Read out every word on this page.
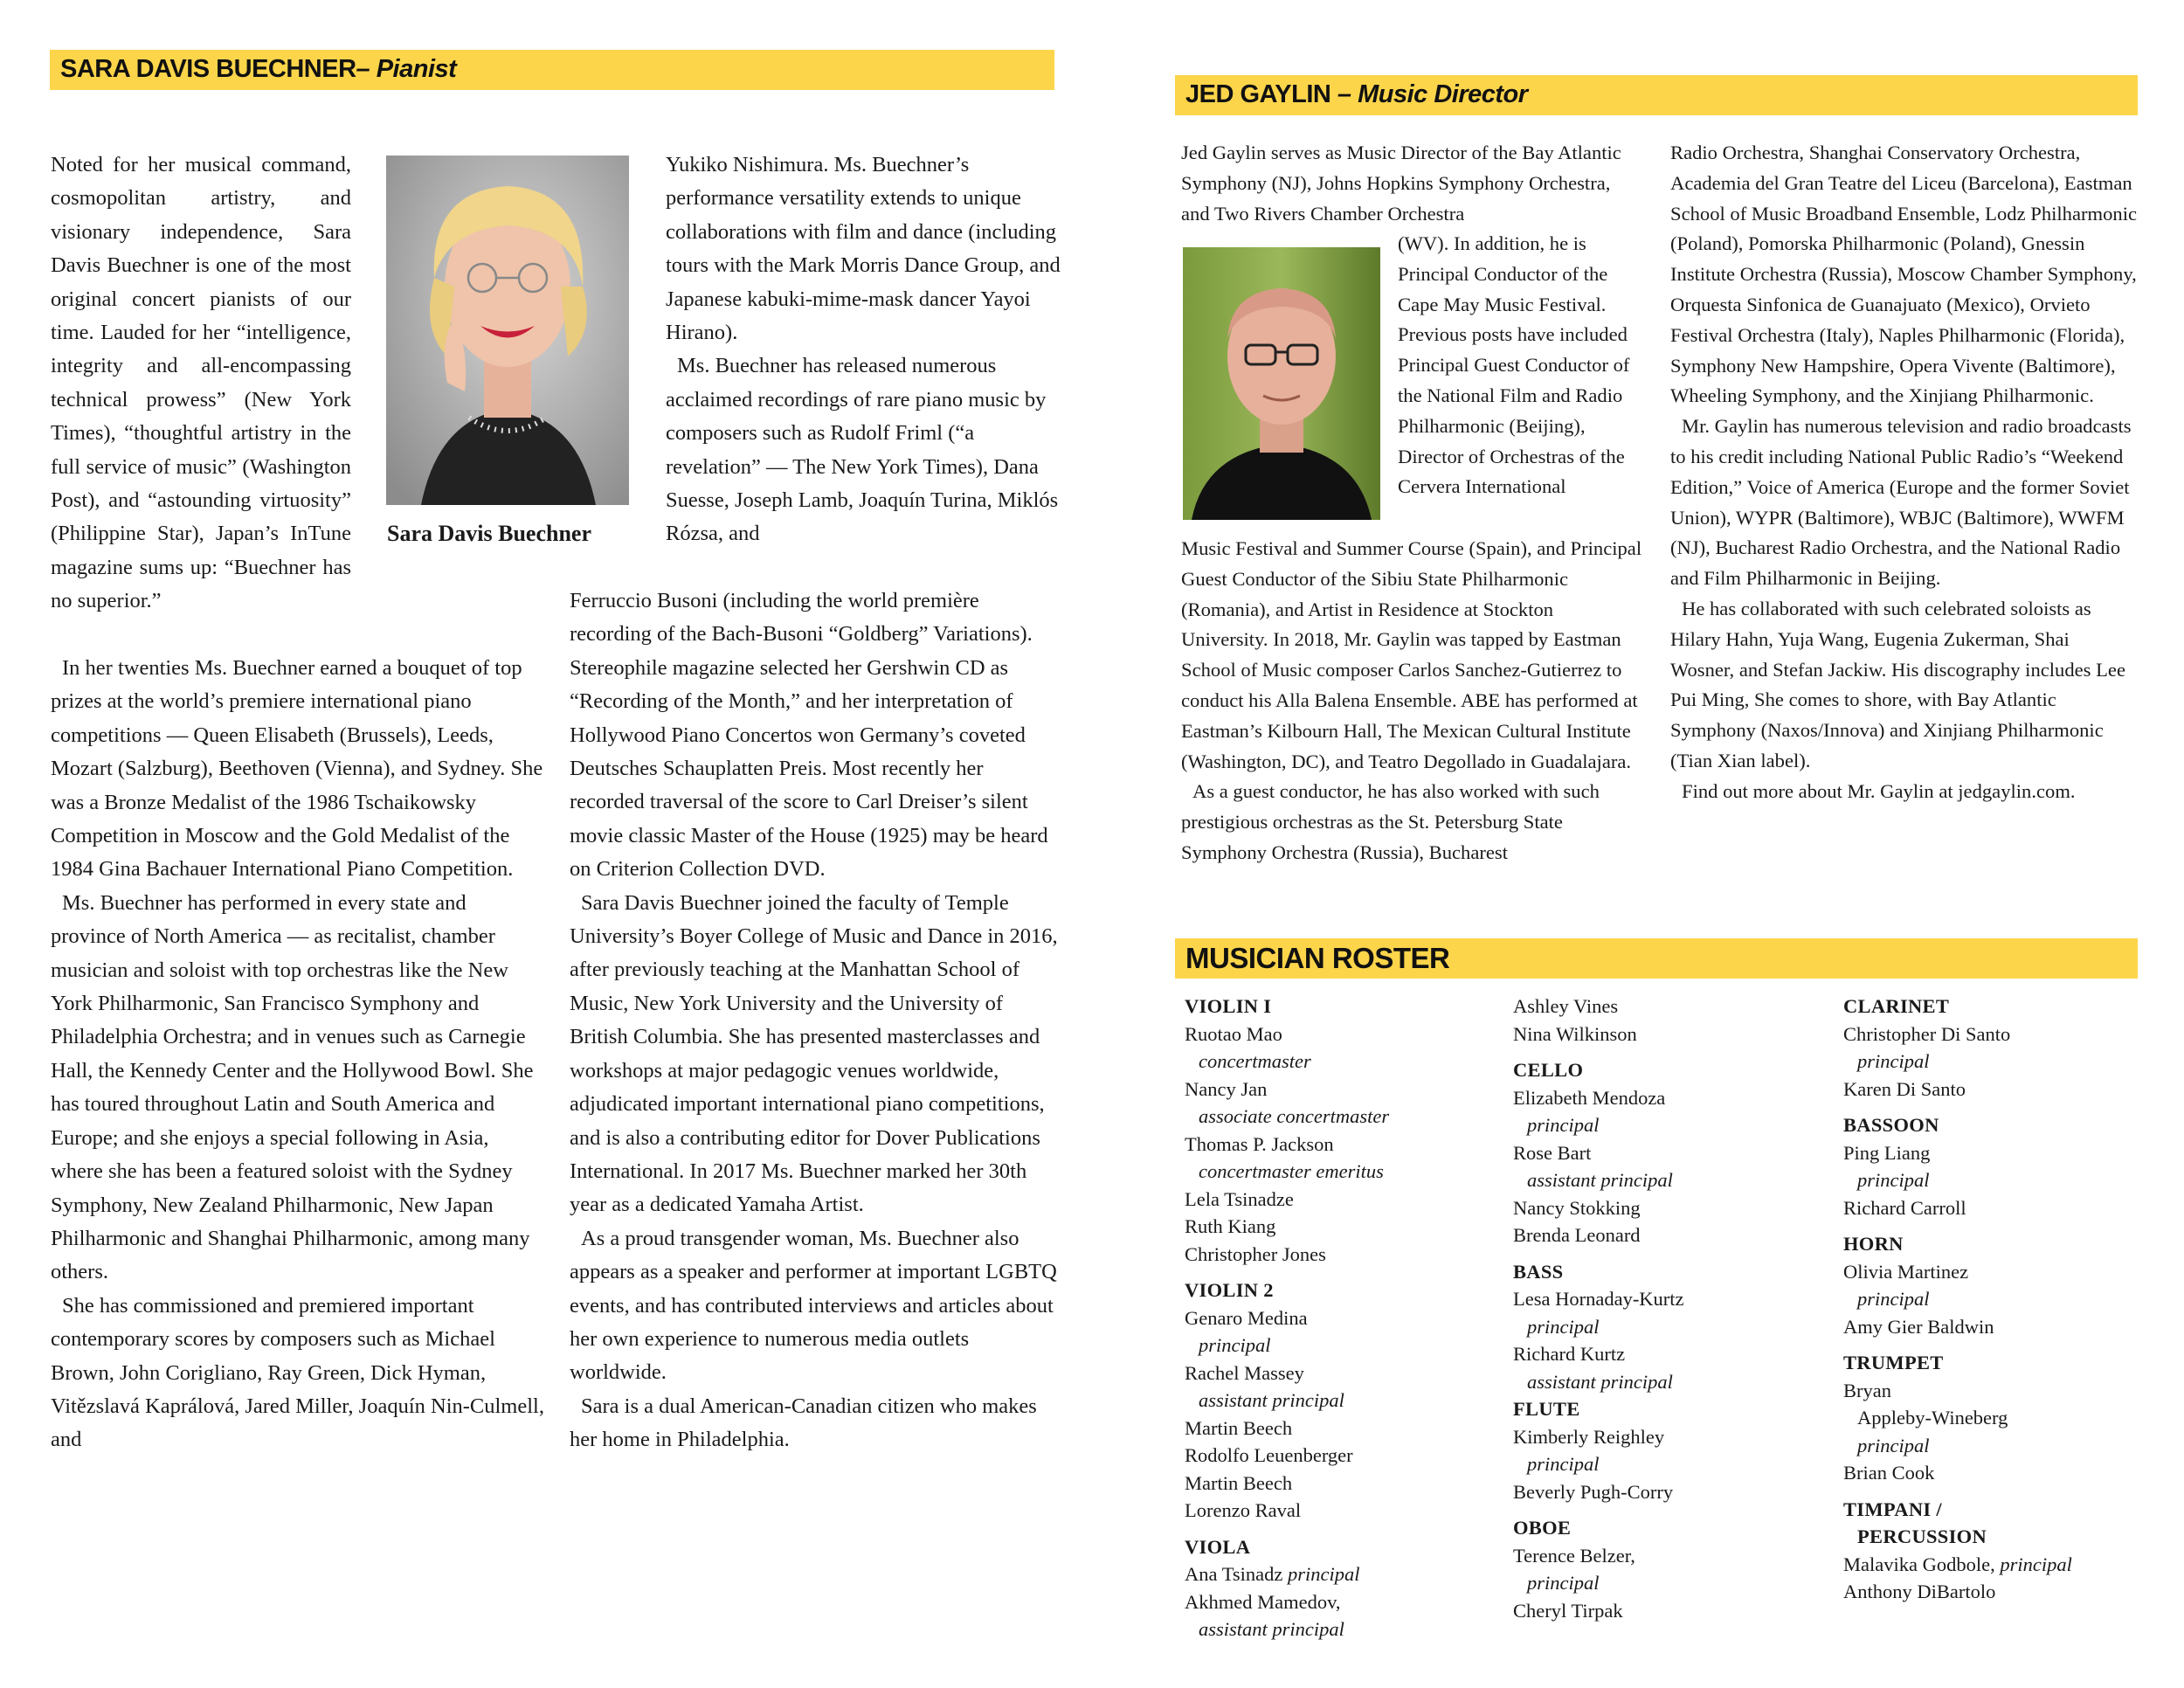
SARA DAVIS BUECHNER– Pianist
Sara Davis Buechner

Noted for her musical command, cosmopolitan artistry, and visionary independence, Sara Davis Buechner is one of the most original concert pianists of our time. Lauded for her “intelligence, integrity and all-encompassing technical prowess” (New York Times), “thoughtful artistry in the full service of music” (Washington Post), and “astounding virtuosity” (Philippine Star), Japan’s InTune magazine sums up: “Buechner has no superior.”

In her twenties Ms. Buechner earned a bouquet of top prizes at the world’s premiere international piano competitions — Queen Elisabeth (Brussels), Leeds, Mozart (Salzburg), Beethoven (Vienna), and Sydney. She was a Bronze Medalist of the 1986 Tschaikowsky Competition in Moscow and the Gold Medalist of the 1984 Gina Bachauer International Piano Competition.

Ms. Buechner has performed in every state and province of North America — as recitalist, chamber musician and soloist with top orchestras like the New York Philharmonic, San Francisco Symphony and Philadelphia Orchestra; and in venues such as Carnegie Hall, the Kennedy Center and the Hollywood Bowl. She has toured throughout Latin and South America and Europe; and she enjoys a special following in Asia, where she has been a featured soloist with the Sydney Symphony, New Zealand Philharmonic, New Japan Philharmonic and Shanghai Philharmonic, among many others.

She has commissioned and premiered important contemporary scores by composers such as Michael Brown, John Corigliano, Ray Green, Dick Hyman, Vitězslavá Kaprálová, Jared Miller, Joaquín Nin-Culmell, and

Yukiko Nishimura. Ms. Buechner’s performance versatility extends to unique collaborations with film and dance (including tours with the Mark Morris Dance Group, and Japanese kabuki-mime-mask dancer Yayoi Hirano).

Ms. Buechner has released numerous acclaimed recordings of rare piano music by composers such as Rudolf Friml (“a revelation” — The New York Times), Dana Suesse, Joseph Lamb, Joaquín Turina, Miklós Rózsa, and

Ferruccio Busoni (including the world première recording of the Bach-Busoni “Goldberg” Variations). Stereophile magazine selected her Gershwin CD as “Recording of the Month,” and her interpretation of Hollywood Piano Concertos won Germany’s coveted Deutsches Schauplatten Preis. Most recently her recorded traversal of the score to Carl Dreiser’s silent movie classic Master of the House (1925) may be heard on Criterion Collection DVD.

Sara Davis Buechner joined the faculty of Temple University’s Boyer College of Music and Dance in 2016, after previously teaching at the Manhattan School of Music, New York University and the University of British Columbia. She has presented masterclasses and workshops at major pedagogic venues worldwide, adjudicated important international piano competitions, and is also a contributing editor for Dover Publications International. In 2017 Ms. Buechner marked her 30th year as a dedicated Yamaha Artist.

As a proud transgender woman, Ms. Buechner also appears as a speaker and performer at important LGBTQ events, and has contributed interviews and articles about her own experience to numerous media outlets worldwide.

Sara is a dual American-Canadian citizen who makes her home in Philadelphia.

JED GAYLIN – Music Director

Jed Gaylin serves as Music Director of the Bay Atlantic Symphony (NJ), Johns Hopkins Symphony Orchestra, and Two Rivers Chamber Orchestra

(WV). In addition, he is Principal Conductor of the Cape May Music Festival. Previous posts have included Principal Guest Conductor of the National Film and Radio Philharmonic (Beijing), Director of Orchestras of the Cervera International

Music Festival and Summer Course (Spain), and Principal Guest Conductor of the Sibiu State Philharmonic (Romania), and Artist in Residence at Stockton University. In 2018, Mr. Gaylin was tapped by Eastman School of Music composer Carlos Sanchez-Gutierrez to conduct his Alla Balena Ensemble. ABE has performed at Eastman’s Kilbourn Hall, The Mexican Cultural Institute (Washington, DC), and Teatro Degollado in Guadalajara.

As a guest conductor, he has also worked with such prestigious orchestras as the St. Petersburg State Symphony Orchestra (Russia), Bucharest

Radio Orchestra, Shanghai Conservatory Orchestra, Academia del Gran Teatre del Liceu (Barcelona), Eastman School of Music Broadband Ensemble, Lodz Philharmonic (Poland), Pomorska Philharmonic (Poland), Gnessin Institute Orchestra (Russia), Moscow Chamber Symphony, Orquesta Sinfonica de Guanajuato (Mexico), Orvieto Festival Orchestra (Italy), Naples Philharmonic (Florida), Symphony New Hampshire, Opera Vivente (Baltimore), Wheeling Symphony, and the Xinjiang Philharmonic.

Mr. Gaylin has numerous television and radio broadcasts to his credit including National Public Radio’s “Weekend Edition,” Voice of America (Europe and the former Soviet Union), WYPR (Baltimore), WBJC (Baltimore), WWFM (NJ), Bucharest Radio Orchestra, and the National Radio and Film Philharmonic in Beijing.

He has collaborated with such celebrated soloists as Hilary Hahn, Yuja Wang, Eugenia Zukerman, Shai Wosner, and Stefan Jackiw. His discography includes Lee Pui Ming, She comes to shore, with Bay Atlantic Symphony (Naxos/Innova) and Xinjiang Philharmonic (Tian Xian label).

Find out more about Mr. Gaylin at jedgaylin.com.

MUSICIAN ROSTER
VIOLIN I
Ruotao Mao
concertmaster
Nancy Jan
associate concertmaster
Thomas P. Jackson
concertmaster emeritus
Lela Tsinadze
Ruth Kiang
Christopher Jones
VIOLIN 2
Genaro Medina
principal
Rachel Massey
assistant principal
Martin Beech
Rodolfo Leuenberger
Martin Beech
Lorenzo Raval
VIOLA
Ana Tsinadz principal
Akhmed Mamedov,
assistant principal
Ashley Vines
Nina Wilkinson
CELLO
Elizabeth Mendoza
principal
Rose Bart
assistant principal
Nancy Stokking
Brenda Leonard
BASS
Lesa Hornaday-Kurtz
principal
Richard Kurtz
assistant principal
FLUTE
Kimberly Reighley
principal
Beverly Pugh-Corry
OBOE
Terence Belzer,
principal
Cheryl Tirpak
CLARINET
Christopher Di Santo
principal
Karen Di Santo
BASSOON
Ping Liang
principal
Richard Carroll
HORN
Olivia Martinez
principal
Amy Gier Baldwin
TRUMPET
Bryan
Appleby-Wineberg
principal
Brian Cook
TIMPANI /
PERCUSSION
Malavika Godbole, principal
Anthony DiBartolo
